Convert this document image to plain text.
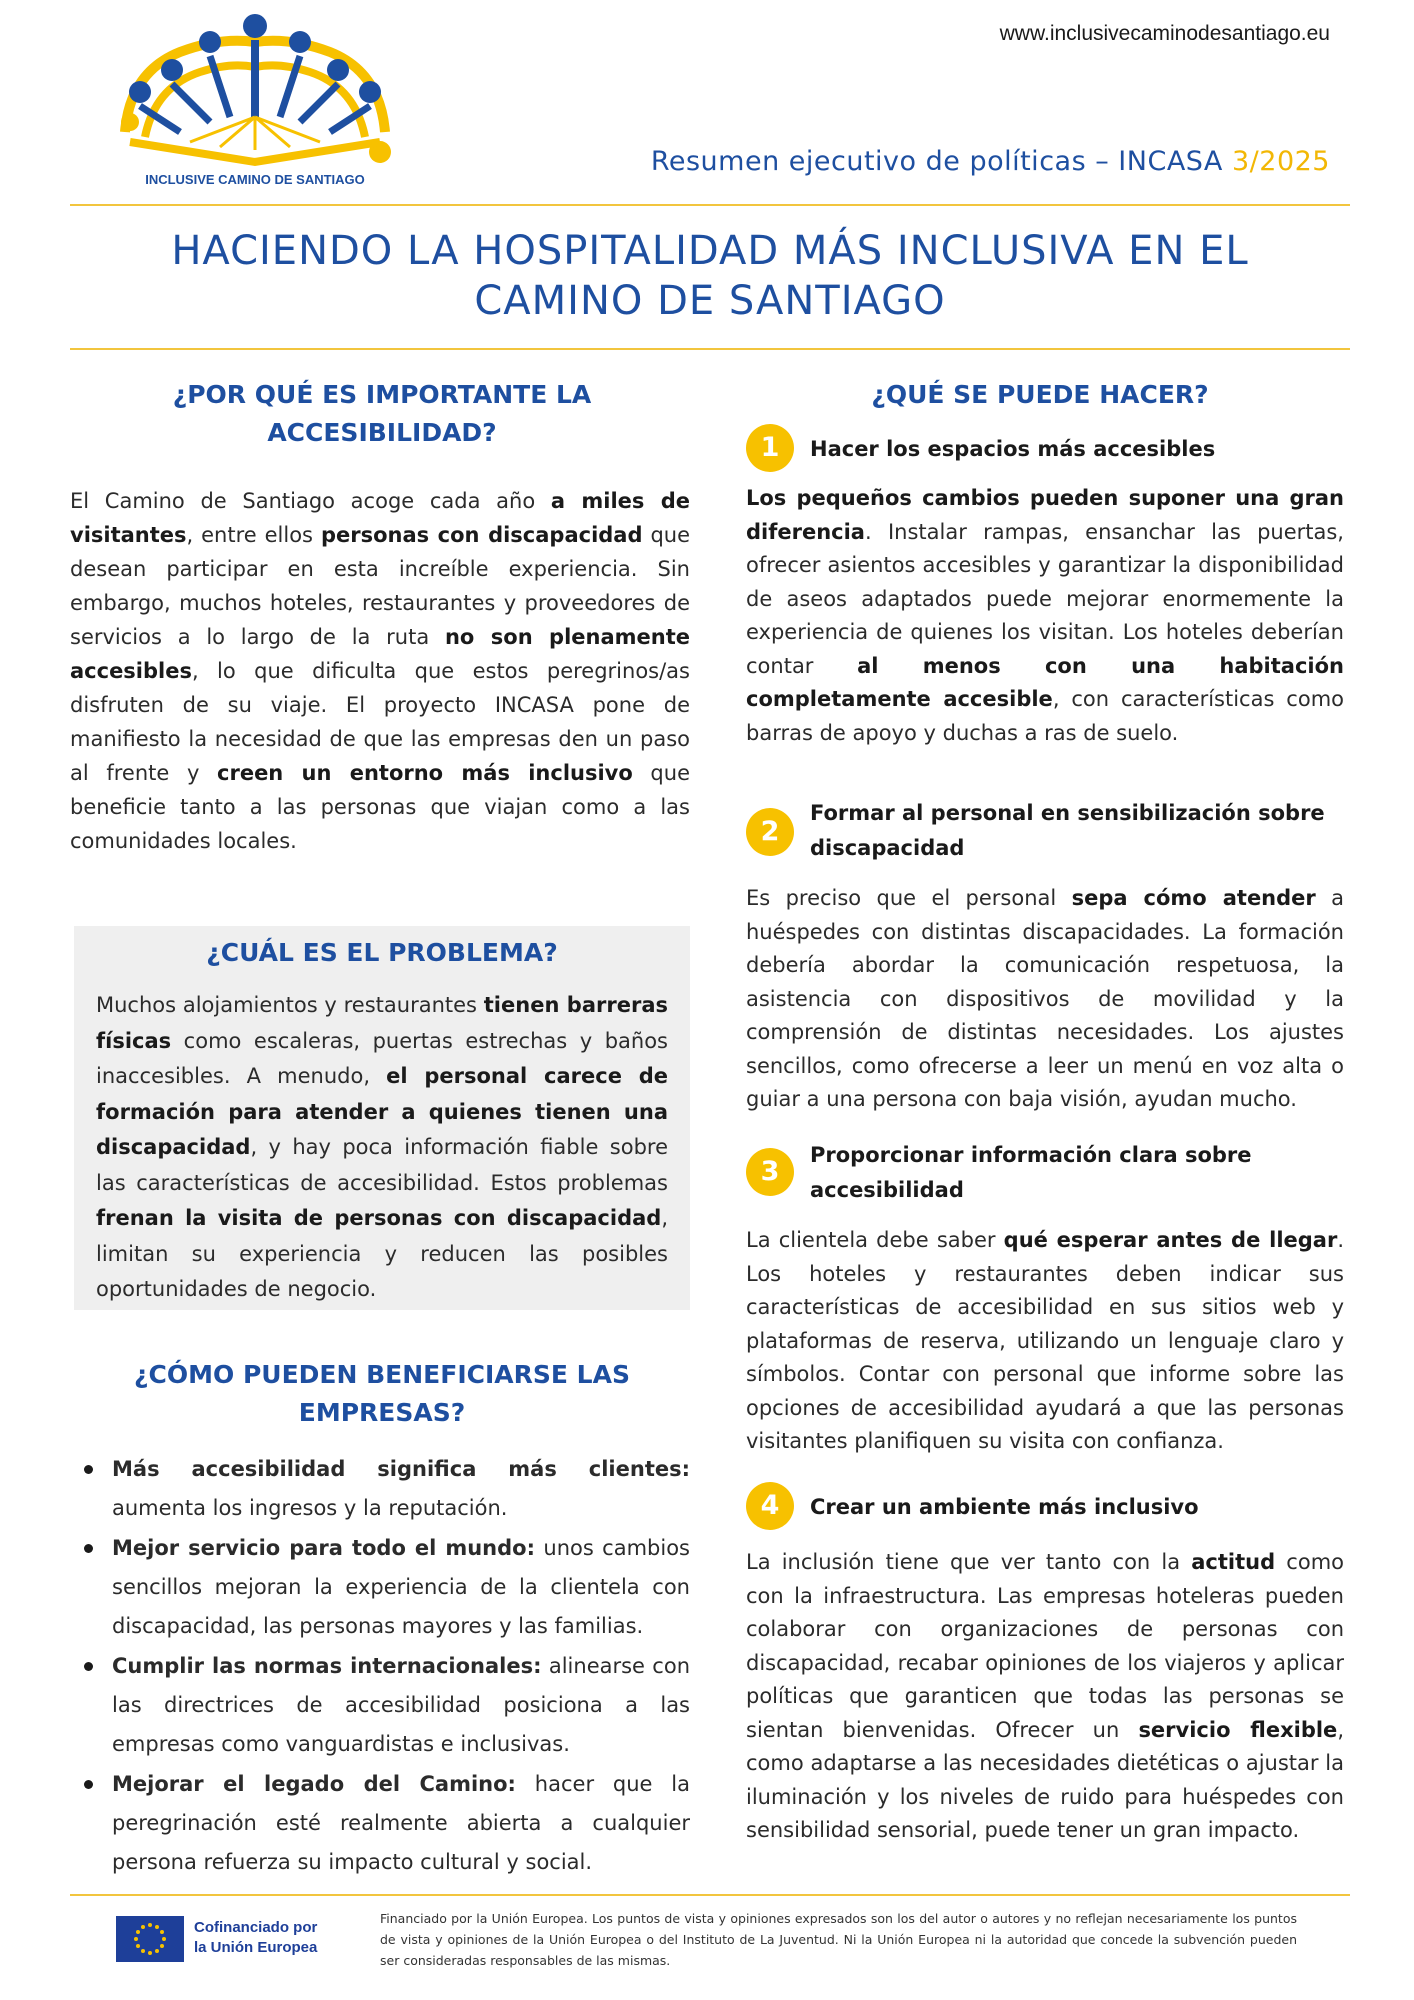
INCLUSIVE CAMINO DE SANTIAGO
www.inclusivecaminodesantiago.eu
Resumen ejecutivo de políticas – INCASA 3/2025
HACIENDO LA HOSPITALIDAD MÁS INCLUSIVA EN EL
CAMINO DE SANTIAGO
¿POR QUÉ ES IMPORTANTE LA
ACCESIBILIDAD?

El Camino de Santiago acoge cada año a miles de visitantes, entre ellos personas con discapacidad que desean participar en esta increíble experiencia. Sin embargo, muchos hoteles, restaurantes y proveedores de servicios a lo largo de la ruta no son plenamente accesibles, lo que dificulta que estos peregrinos/as disfruten de su viaje. El proyecto INCASA pone de manifiesto la necesidad de que las empresas den un paso al frente y creen un entorno más inclusivo que beneficie tanto a las personas que viajan como a las comunidades locales.

¿CUÁL ES EL PROBLEMA?

Muchos alojamientos y restaurantes tienen barreras físicas como escaleras, puertas estrechas y baños inaccesibles. A menudo, el personal carece de formación para atender a quienes tienen una discapacidad, y hay poca información fiable sobre las características de accesibilidad. Estos problemas frenan la visita de personas con discapacidad, limitan su experiencia y reducen las posibles oportunidades de negocio.

¿CÓMO PUEDEN BENEFICIARSE LAS
EMPRESAS?
Más accesibilidad significa más clientes: aumenta los ingresos y la reputación.
Mejor servicio para todo el mundo: unos cambios sencillos mejoran la experiencia de la clientela con discapacidad, las personas mayores y las familias.
Cumplir las normas internacionales: alinearse con las directrices de accesibilidad posiciona a las empresas como vanguardistas e inclusivas.
Mejorar el legado del Camino: hacer que la peregrinación esté realmente abierta a cualquier persona refuerza su impacto cultural y social.
¿QUÉ SE PUEDE HACER?
1	Hacer los espacios más accesibles

Los pequeños cambios pueden suponer una gran diferencia. Instalar rampas, ensanchar las puertas, ofrecer asientos accesibles y garantizar la disponibilidad de aseos adaptados puede mejorar enormemente la experiencia de quienes los visitan. Los hoteles deberían contar al menos con una habitación completamente accesible, con características como barras de apoyo y duchas a ras de suelo.

2
Formar al personal en sensibilización sobre
discapacidad

Es preciso que el personal sepa cómo atender a huéspedes con distintas discapacidades. La formación debería abordar la comunicación respetuosa, la asistencia con dispositivos de movilidad y la comprensión de distintas necesidades. Los ajustes sencillos, como ofrecerse a leer un menú en voz alta o guiar a una persona con baja visión, ayudan mucho.

3
Proporcionar información clara sobre
accesibilidad

La clientela debe saber qué esperar antes de llegar. Los hoteles y restaurantes deben indicar sus características de accesibilidad en sus sitios web y plataformas de reserva, utilizando un lenguaje claro y símbolos. Contar con personal que informe sobre las opciones de accesibilidad ayudará a que las personas visitantes planifiquen su visita con confianza.

4	Crear un ambiente más inclusivo

La inclusión tiene que ver tanto con la actitud como con la infraestructura. Las empresas hoteleras pueden colaborar con organizaciones de personas con discapacidad, recabar opiniones de los viajeros y aplicar políticas que garanticen que todas las personas se sientan bienvenidas. Ofrecer un servicio flexible, como adaptarse a las necesidades dietéticas o ajustar la iluminación y los niveles de ruido para huéspedes con sensibilidad sensorial, puede tener un gran impacto.

Cofinanciado por
la Unión Europea
Financiado por la Unión Europea. Los puntos de vista y opiniones expresados son los del autor o autores y no reflejan necesariamente los puntos de vista y opiniones de la Unión Europea o del Instituto de La Juventud. Ni la Unión Europea ni la autoridad que concede la subvención pueden ser consideradas responsables de las mismas.
